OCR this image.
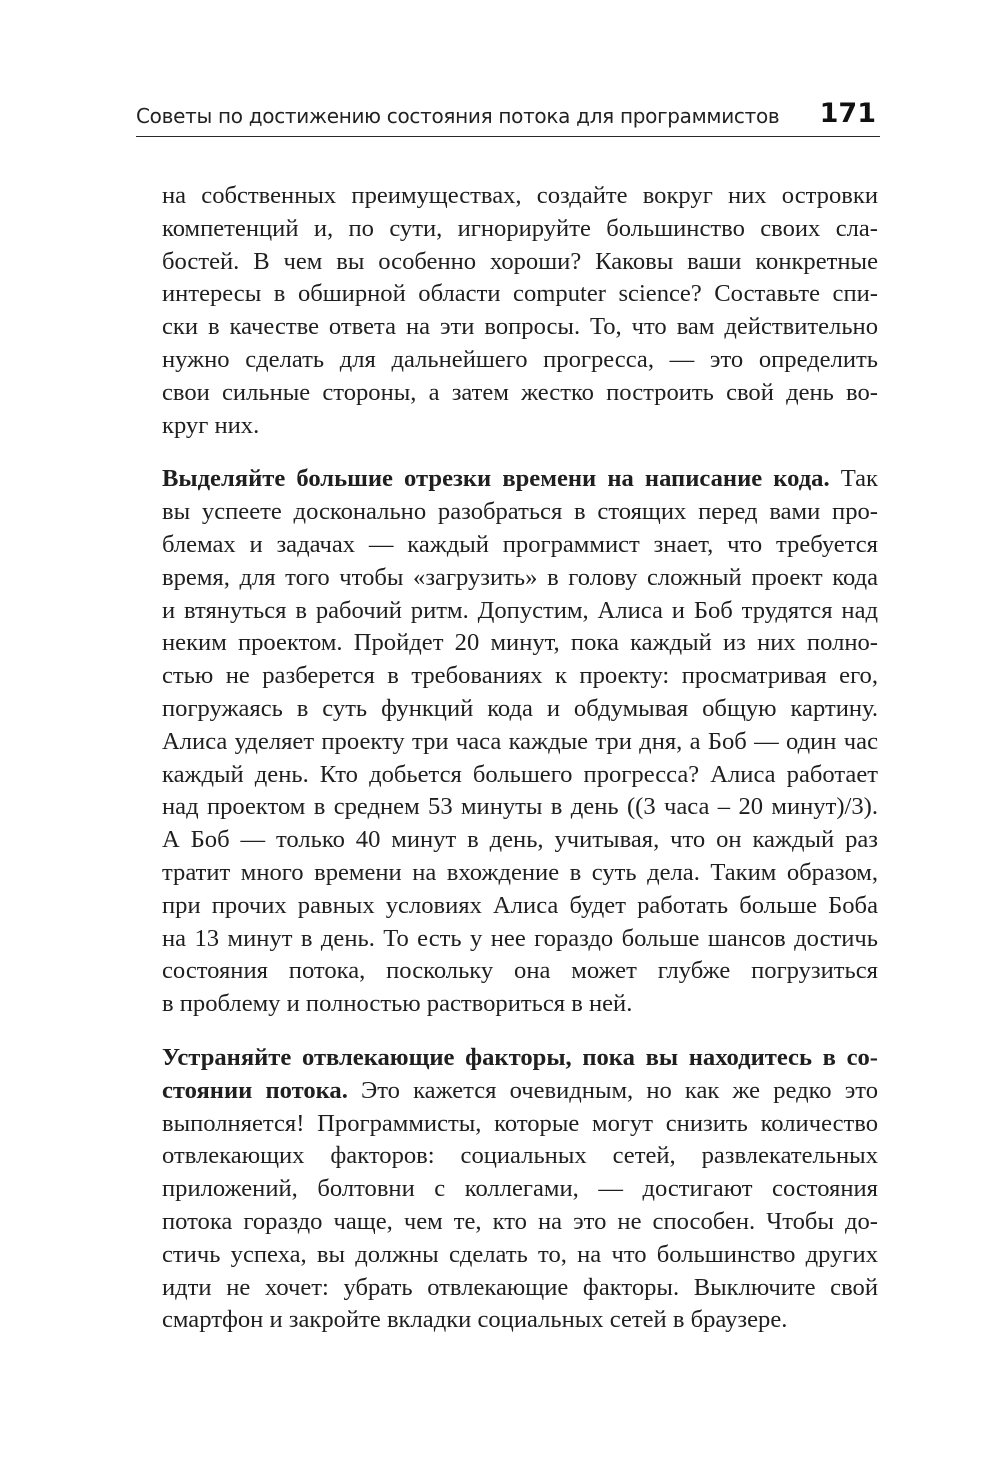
Советы по достижению состояния потока для программистов 171
на собственных преимуществах, создайте вокруг них островки
компетенций и, по сути, игнорируйте большинство своих сла-
бостей. В чем вы особенно хороши? Каковы ваши конкретные
интересы в обширной области computer science? Составьте спи-
ски в качестве ответа на эти вопросы. То, что вам действительно
нужно сделать для дальнейшего прогресса, — это определить
свои сильные стороны, а затем жестко построить свой день во-
круг них.
Выделяйте большие отрезки времени на написание кода. Так
вы успеете досконально разобраться в стоящих перед вами про-
блемах и задачах — каждый программист знает, что требуется
время, для того чтобы «загрузить» в голову сложный проект кода
и втянуться в рабочий ритм. Допустим, Алиса и Боб трудятся над
неким проектом. Пройдет 20 минут, пока каждый из них полно-
стью не разберется в требованиях к проекту: просматривая его,
погружаясь в суть функций кода и обдумывая общую картину.
Алиса уделяет проекту три часа каждые три дня, а Боб — один час
каждый день. Кто добьется большего прогресса? Алиса работает
над проектом в среднем 53 минуты в день ((3 часа – 20 минут)/3).
А Боб — только 40 минут в день, учитывая, что он каждый раз
тратит много времени на вхождение в суть дела. Таким образом,
при прочих равных условиях Алиса будет работать больше Боба
на 13 минут в день. То есть у нее гораздо больше шансов достичь
состояния потока, поскольку она может глубже погрузиться
в проблему и полностью раствориться в ней.
Устраняйте отвлекающие факторы, пока вы находитесь в со-
стоянии потока. Это кажется очевидным, но как же редко это
выполняется! Программисты, которые могут снизить количество
отвлекающих факторов: социальных сетей, развлекательных
приложений, болтовни с коллегами, — достигают состояния
потока гораздо чаще, чем те, кто на это не способен. Чтобы до-
стичь успеха, вы должны сделать то, на что большинство других
идти не хочет: убрать отвлекающие факторы. Выключите свой
смартфон и закройте вкладки социальных сетей в браузере.
